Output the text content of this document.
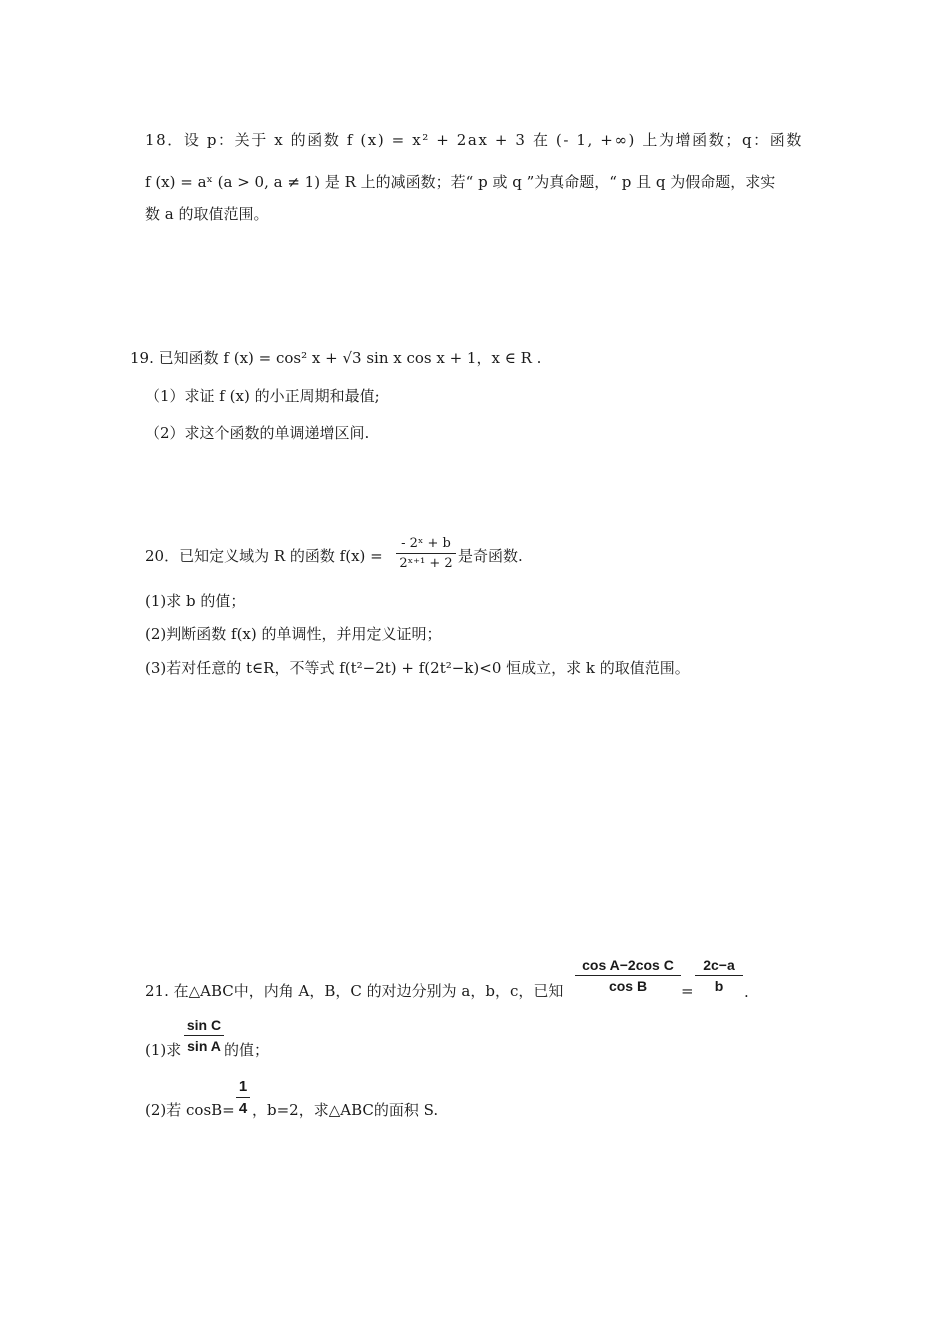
18．设 p：关于 x 的函数 f (x) = x² + 2ax + 3 在 (- 1, +∞) 上为增函数；q：函数
f (x) = aˣ (a > 0, a ≠ 1) 是 R 上的减函数；若“ p 或 q ”为真命题，“ p 且 q 为假命题，求实
数 a 的取值范围。
19. 已知函数 f (x) = cos² x + √3 sin x cos x + 1，x ∈ R .
（1）求证 f (x) 的小正周期和最值;
（2）求这个函数的单调递增区间.
20．已知定义域为 R 的函数 f(x) =
- 2ˣ + b
2ˣ⁺¹ + 2 是奇函数.
(1)求 b 的值；
(2)判断函数 f(x) 的单调性，并用定义证明；
(3)若对任意的 t∈R，不等式 f(t²−2t) + f(2t²−k)<0 恒成立，求 k 的取值范围。
21. 在△ABC中，内角 A，B，C 的对边分别为 a，b，c，已知
cos A−2cos C
cos B	=
2c−a
b	.
(1)求
sin C
sin A 的值；
(2)若 cosB=
1
4 ，b=2，求△ABC的面积 S.
